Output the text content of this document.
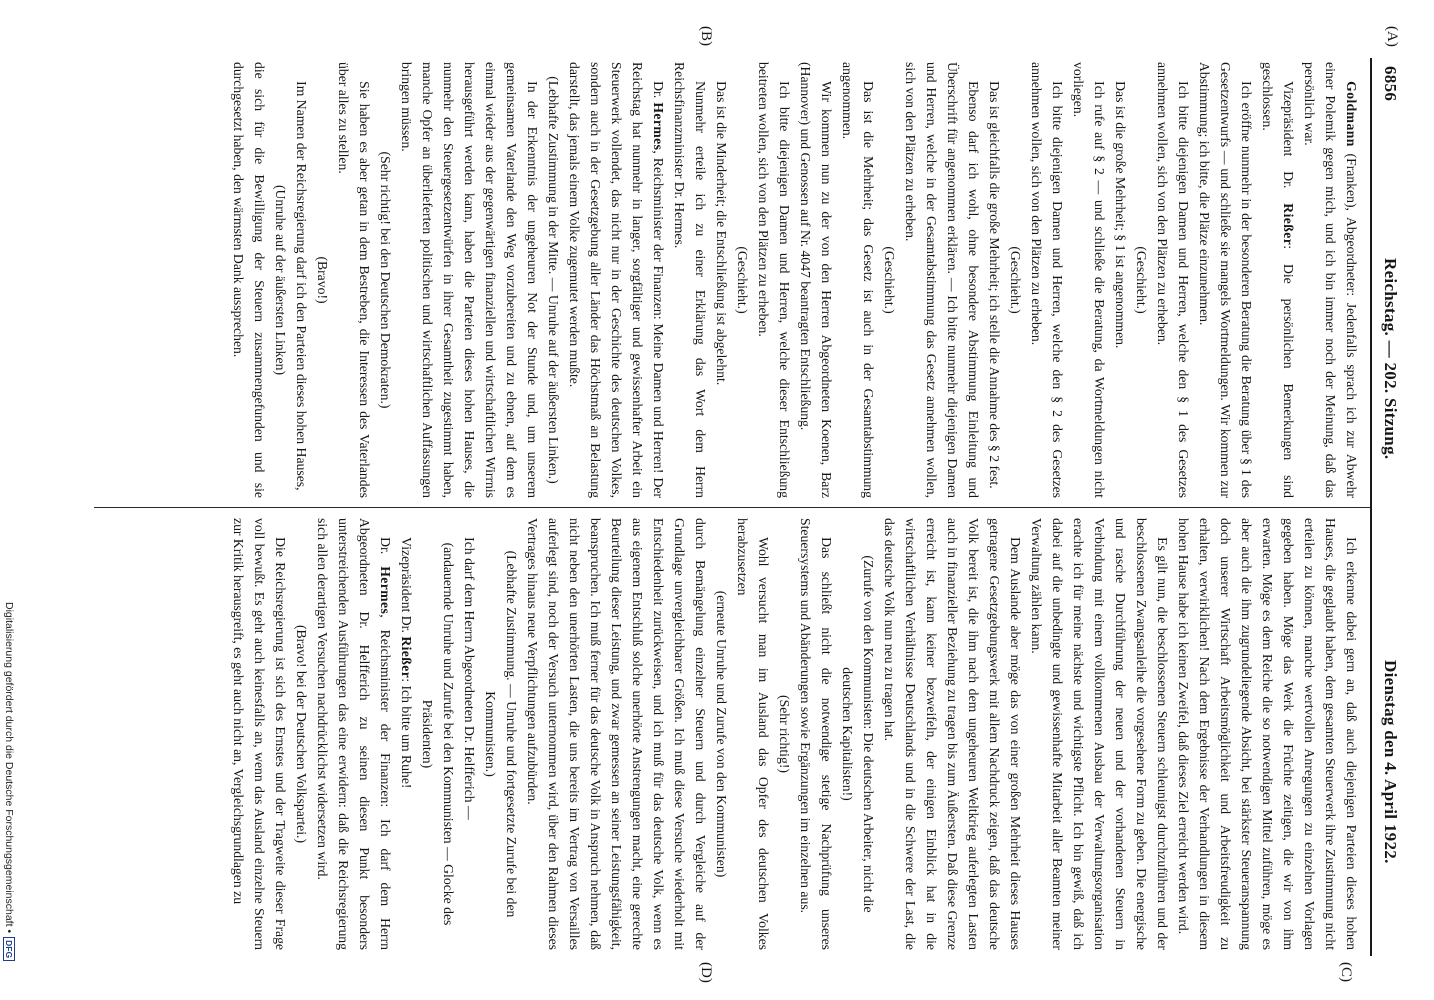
(A)
(B)
(C)
(D)
6856
Reichstag. — 202. Sitzung.
Dienstag den 4. April 1922.

Goldmann (Franken), Abgeordneter: Jedenfalls sprach ich zur Abwehr einer Polemik gegen mich, und ich bin immer noch der Meinung, daß das persönlich war.

Vizepräsident Dr. Rießer: Die persönlichen Bemerkungen sind geschlossen.

Ich eröffne nunmehr in der besonderen Beratung die Beratung über § 1 des Gesetzentwurfs — und schließe sie mangels Wortmeldungen. Wir kommen zur Abstimmung; ich bitte, die Plätze einzunehmen.

Ich bitte diejenigen Damen und Herren, welche den § 1 des Gesetzes annehmen wollen, sich von den Plätzen zu erheben.

(Geschieht.)

Das ist die große Mehrheit; § 1 ist angenommen.

Ich rufe auf § 2 — und schließe die Beratung, da Wortmeldungen nicht vorliegen.

Ich bitte diejenigen Damen und Herren, welche den § 2 des Gesetzes annehmen wollen, sich von den Plätzen zu erheben.

(Geschieht.)

Das ist gleichfalls die große Mehrheit; ich stelle die Annahme des § 2 fest.

Ebenso darf ich wohl, ohne besondere Abstimmung Einleitung und Überschrift für angenommen erklären. — Ich bitte nunmehr diejenigen Damen und Herren, welche in der Gesamtabstimmung das Gesetz annehmen wollen, sich von den Plätzen zu erheben.

(Geschieht.)

Das ist die Mehrheit; das Gesetz ist auch in der Gesamtabstimmung angenommen.

Wir kommen nun zu der von den Herren Abgeordneten Koenen, Barz (Hannover) und Genossen auf Nr. 4047 beantragten Entschließung.

Ich bitte diejenigen Damen und Herren, welche dieser Entschließung beitreten wollen, sich von den Plätzen zu erheben.

(Geschieht.)

Das ist die Minderheit; die Entschließung ist abgelehnt.

Nunmehr erteile ich zu einer Erklärung das Wort dem Herrn Reichsfinanzminister Dr. Hermes.

Dr. Hermes, Reichsminister der Finanzen: Meine Damen und Herren! Der Reichstag hat nunmehr in langer, sorgfältiger und gewissenhafter Arbeit ein Steuerwerk vollendet, das nicht nur in der Geschichte des deutschen Volkes, sondern auch in der Gesetzgebung aller Länder das Höchstmaß an Belastung darstellt, das jemals einem Volke zugemutet werden mußte.

(Lebhafte Zustimmung in der Mitte. — Unruhe auf der äußersten Linken.)

In der Erkenntnis der ungeheuren Not der Stunde und, um unserem gemeinsamen Vaterlande den Weg vorzubereiten und zu ebnen, auf dem es einmal wieder aus der gegenwärtigen finanziellen und wirtschaftlichen Wirrnis herausgeführt werden kann, haben die Parteien dieses hohen Hauses, die nunmehr den Steuergesetzentwürfen in ihrer Gesamtheit zugestimmt haben, manche Opfer an überlieferten politischen und wirtschaftlichen Auffassungen bringen müssen.

(Sehr richtig! bei den Deutschen Demokraten.)

Sie haben es aber getan in dem Bestreben, die Interessen des Vaterlandes über alles zu stellen.

(Bravo!)

Im Namen der Reichsregierung darf ich den Parteien dieses hohen Hauses,

(Unruhe auf der äußersten Linken)

die sich für die Bewilligung der Steuern zusammengefunden und sie durchgesetzt haben, den wärmsten Dank aussprechen.

Ich erkenne dabei gern an, daß auch diejenigen Parteien dieses hohen Hauses, die geglaubt haben, dem gesamten Steuerwerk ihre Zustimmung nicht erteilen zu können, manche wertvollen Anregungen zu einzelnen Vorlagen gegeben haben. Möge das Werk die Früchte zeitigen, die wir von ihm erwarten. Möge es dem Reiche die so notwendigen Mittel zuführen, möge es aber auch die ihm zugrundeliegende Absicht, bei stärkster Steueranspannung doch unserer Wirtschaft Arbeitsmöglichkeit und Arbeitsfreudigkeit zu erhalten, verwirklichen! Nach dem Ergebnisse der Verhandlungen in diesem hohen Hause habe ich keinen Zweifel, daß dieses Ziel erreicht werden wird.

Es gilt nun, die beschlossenen Steuern schleunigst durchzuführen und der beschlossenen Zwangsanleihe die vorgesehene Form zu geben. Die energische und rasche Durchführung der neuen und der vorhandenen Steuern in Verbindung mit einem vollkommenen Ausbau der Verwaltungsorganisation erachte ich für meine nächste und wichtigste Pflicht. Ich bin gewiß, daß ich dabei auf die unbedingte und gewissenhafte Mitarbeit aller Beamten meiner Verwaltung zählen kann.

Dem Auslande aber möge das von einer großen Mehrheit dieses Hauses getragene Gesetzgebungswerk mit allem Nachdruck zeigen, daß das deutsche Volk bereit ist, die ihm nach dem ungeheuren Weltkrieg auferlegten Lasten auch in finanzieller Beziehung zu tragen bis zum Äußersten. Daß diese Grenze erreicht ist, kann keiner bezweifeln, der einigen Einblick hat in die wirtschaftlichen Verhältnisse Deutschlands und in die Schwere der Last, die das deutsche Volk nun neu zu tragen hat.

(Zurufe von den Kommunisten: Die deutschen Arbeiter, nicht die deutschen Kapitalisten!)

Das schließt nicht die notwendige stetige Nachprüfung unseres Steuersystems und Abänderungen sowie Ergänzungen im einzelnen aus.

(Sehr richtig!)

Wohl versucht man im Ausland das Opfer des deutschen Volkes herabzusetzen

(erneute Unruhe und Zurufe von den Kommunisten)

durch Bemängelung einzelner Steuern und durch Vergleiche auf der Grundlage unvergleichbarer Größen. Ich muß diese Versuche wiederholt mit Entschiedenheit zurückweisen, und ich muß für das deutsche Volk, wenn es aus eigenem Entschluß solche unerhörte Anstrengungen macht, eine gerechte Beurteilung dieser Leistung, und zwar gemessen an seiner Leistungsfähigkeit, beanspruchen. Ich muß ferner für das deutsche Volk in Anspruch nehmen, daß nicht neben den unerhörten Lasten, die uns bereits im Vertrag von Versailles auferlegt sind, noch der Versuch unternommen wird, über den Rahmen dieses Vertrages hinaus neue Verpflichtungen aufzubürden.

(Lebhafte Zustimmung. — Unruhe und fortgesetzte Zurufe bei den Kommunisten.)

Ich darf dem Herrn Abgeordneten Dr. Helfferich —

(andauernde Unruhe und Zurufe bei den Kommunisten — Glocke des Präsidenten)

Vizepräsident Dr. Rießer: Ich bitte um Ruhe!

Dr. Hermes, Reichsminister der Finanzen: Ich darf dem Herrn Abgeordneten Dr. Helfferich zu seinen diesen Punkt besonders unterstreichenden Ausführungen das eine erwidern: daß die Reichsregierung sich allen derartigen Versuchen nachdrücklichst widersetzen wird.

(Bravo! bei der Deutschen Volkspartei.)

Die Reichsregierung ist sich des Ernstes und der Tragweite dieser Frage voll bewußt. Es geht auch keinesfalls an, wenn das Ausland einzelne Steuern zur Kritik herausgreift, es geht auch nicht an, Vergleichsgrundlagen zu

Digitalisierung gefördert durch die Deutsche Forschungsgemeinschaft •
DFG
